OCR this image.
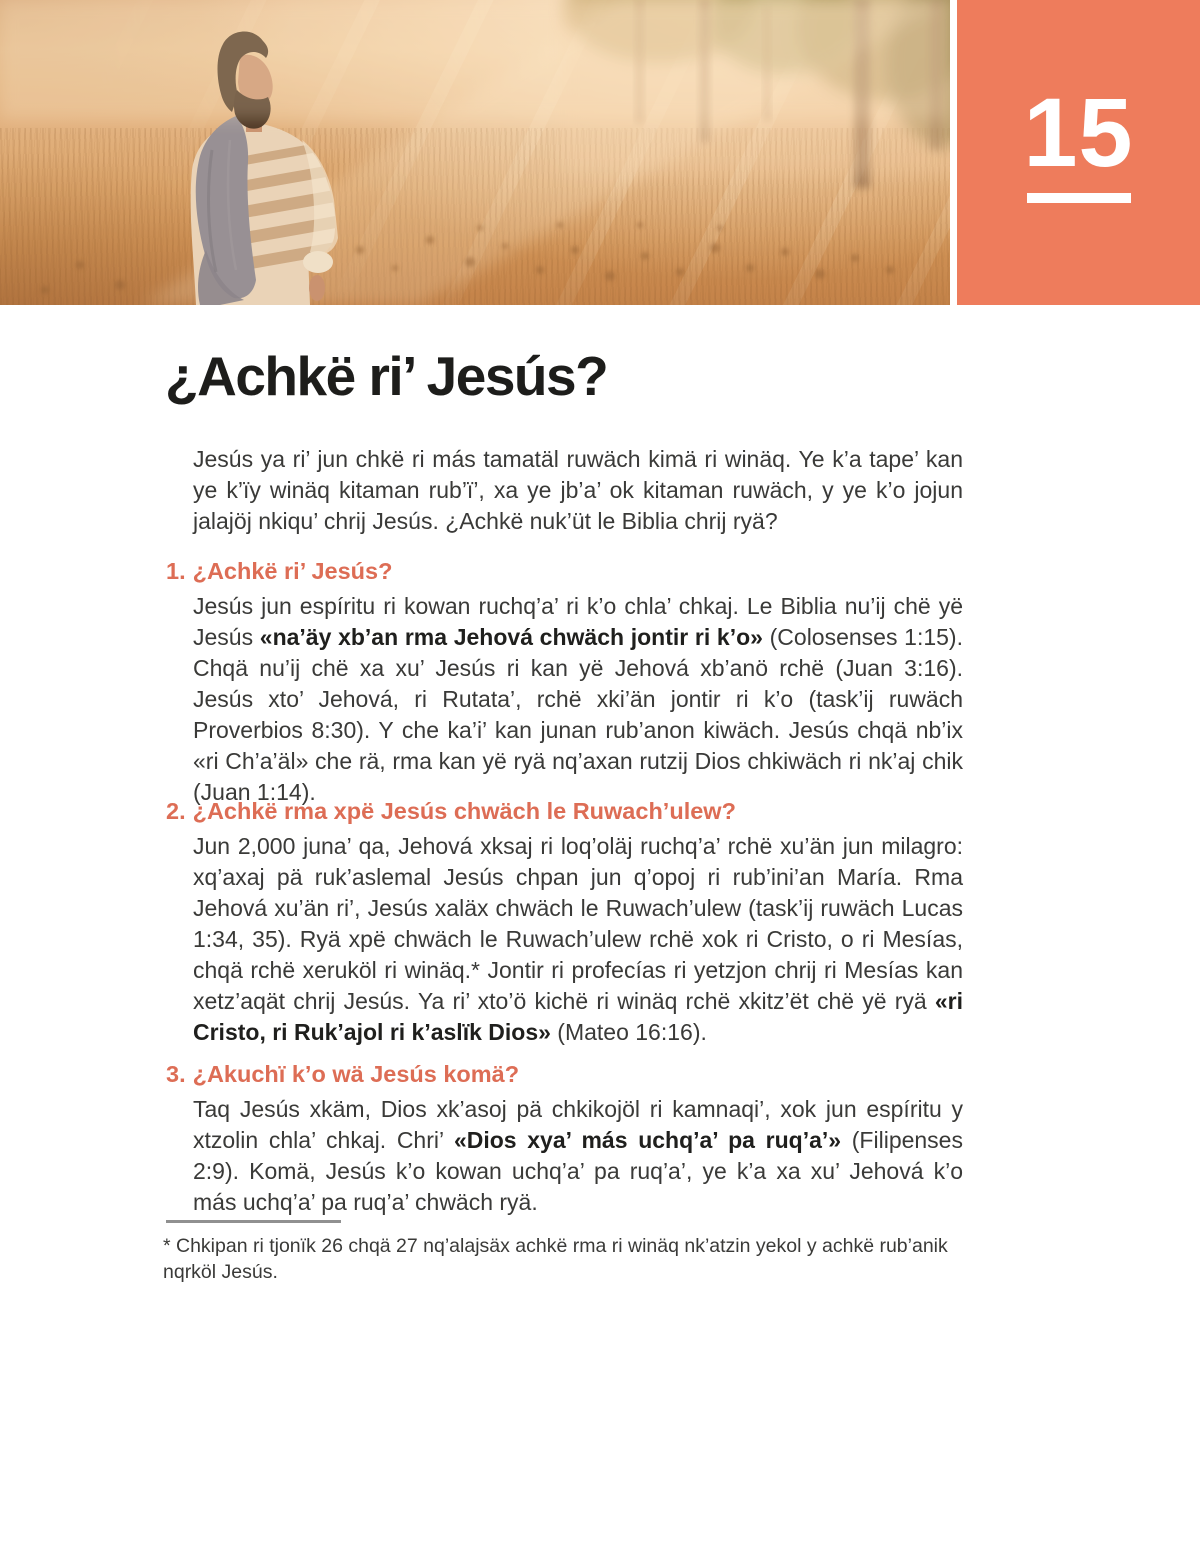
15
¿Achkë ri’ Jesús?

Jesús ya ri’ jun chkë ri más tamatäl ruwäch kimä ri winäq. Ye k’a tape’ kan ye k’ïy winäq kitaman rub’ï’, xa ye jb’a’ ok kitaman ruwäch, y ye k’o jojun jalajöj nkiqu’ chrij Jesús. ¿Achkë nuk’üt le Biblia chrij ryä?

1. ¿Achkë ri’ Jesús?

Jesús jun espíritu ri kowan ruchq’a’ ri k’o chla’ chkaj. Le Biblia nu’ij chë yë Jesús «na’äy xb’an rma Jehová chwäch jontir ri k’o» (Colosenses 1:15). Chqä nu’ij chë xa xu’ Jesús ri kan yë Jehová xb’anö rchë (Juan 3:16). Jesús xto’ Jehová, ri Rutata’, rchë xki’än jontir ri k’o (task’ij ruwäch Proverbios 8:30). Y che ka’i’ kan junan rub’anon kiwäch. Jesús chqä nb’ix «ri Ch’a’äl» che rä, rma kan yë ryä nq’axan rutzij Dios chkiwäch ri nk’aj chik (Juan 1:14).

2. ¿Achkë rma xpë Jesús chwäch le Ruwach’ulew?

Jun 2,000 juna’ qa, Jehová xksaj ri loq’oläj ruchq’a’ rchë xu’än jun milagro: xq’axaj pä ruk’aslemal Jesús chpan jun q’opoj ri rub’ini’an María. Rma Jehová xu’än ri’, Jesús xaläx chwäch le Ruwach’ulew (task’ij ruwäch Lucas 1:34, 35). Ryä xpë chwäch le Ruwach’ulew rchë xok ri Cristo, o ri Mesías, chqä rchë xeruköl ri winäq.* Jontir ri profecías ri yetzjon chrij ri Mesías kan xetz’aqät chrij Jesús. Ya ri’ xto’ö kichë ri winäq rchë xkitz’ët chë yë ryä «ri Cristo, ri Ruk’ajol ri k’aslïk Dios» (Mateo 16:16).

3. ¿Akuchï k’o wä Jesús komä?

Taq Jesús xkäm, Dios xk’asoj pä chkikojöl ri kamnaqi’, xok jun espíritu y xtzolin chla’ chkaj. Chri’ «Dios xya’ más uchq’a’ pa ruq’a’» (Filipenses 2:9). Komä, Jesús k’o kowan uchq’a’ pa ruq’a’, ye k’a xa xu’ Jehová k’o más uchq’a’ pa ruq’a’ chwäch ryä.

* Chkipan ri tjonïk 26 chqä 27 nq’alajsäx achkë rma ri winäq nk’atzin yekol y achkë rub’anik nqrköl Jesús.
